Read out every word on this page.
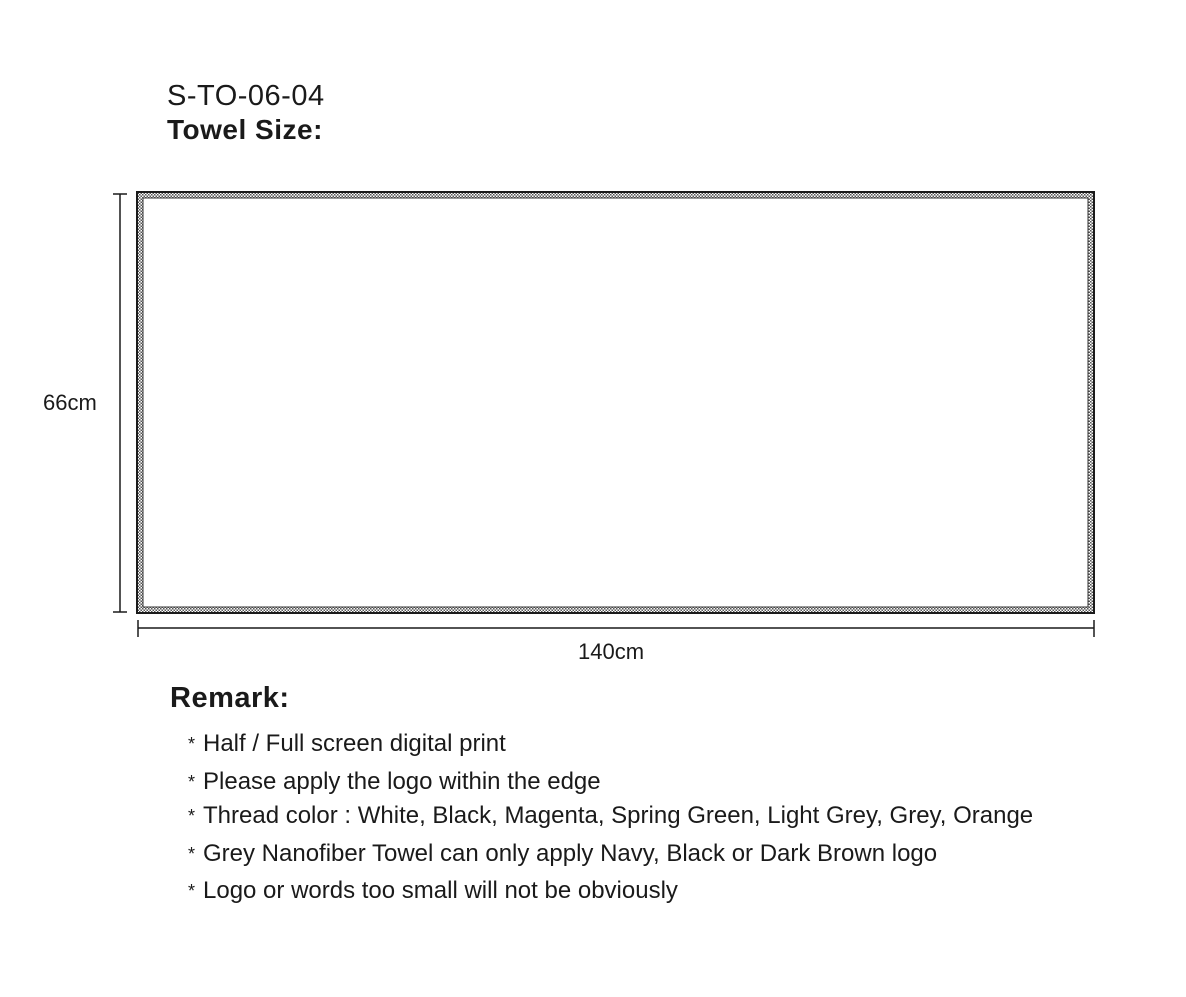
S-TO-06-04
Towel Size:
66cm
140cm
Remark:
* Half / Full screen digital print
* Please apply the logo within the edge
* Thread color : White, Black, Magenta, Spring Green, Light Grey, Grey, Orange
* Grey Nanofiber Towel can only apply Navy, Black or Dark Brown logo
* Logo or words too small will not be obviously
